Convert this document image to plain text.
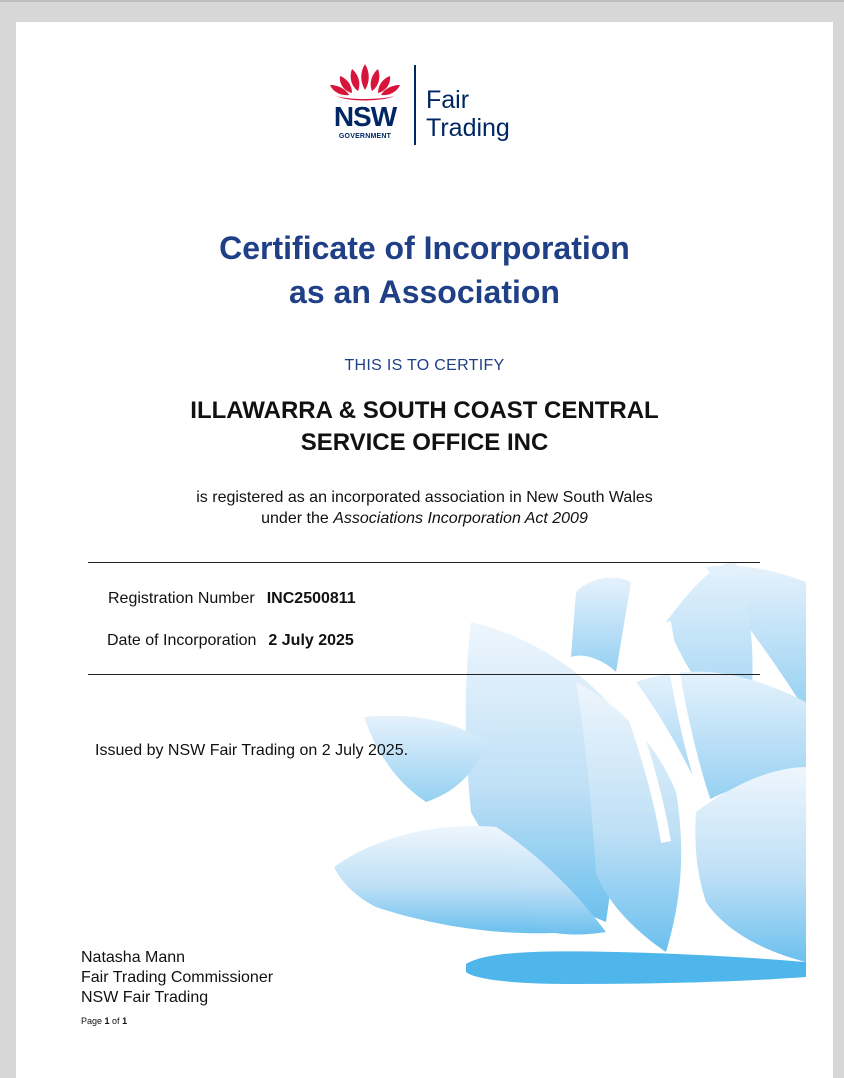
NSW
GOVERNMENT
Fair
Trading
Certificate of Incorporation
as an Association
THIS IS TO CERTIFY
ILLAWARRA & SOUTH COAST CENTRAL
SERVICE OFFICE INC
is registered as an incorporated association in New South Wales
under the Associations Incorporation Act 2009
Registration Number INC2500811
Date of Incorporation 2 July 2025
Issued by NSW Fair Trading on 2 July 2025.
Natasha Mann
Fair Trading Commissioner
NSW Fair Trading
Page 1 of 1
